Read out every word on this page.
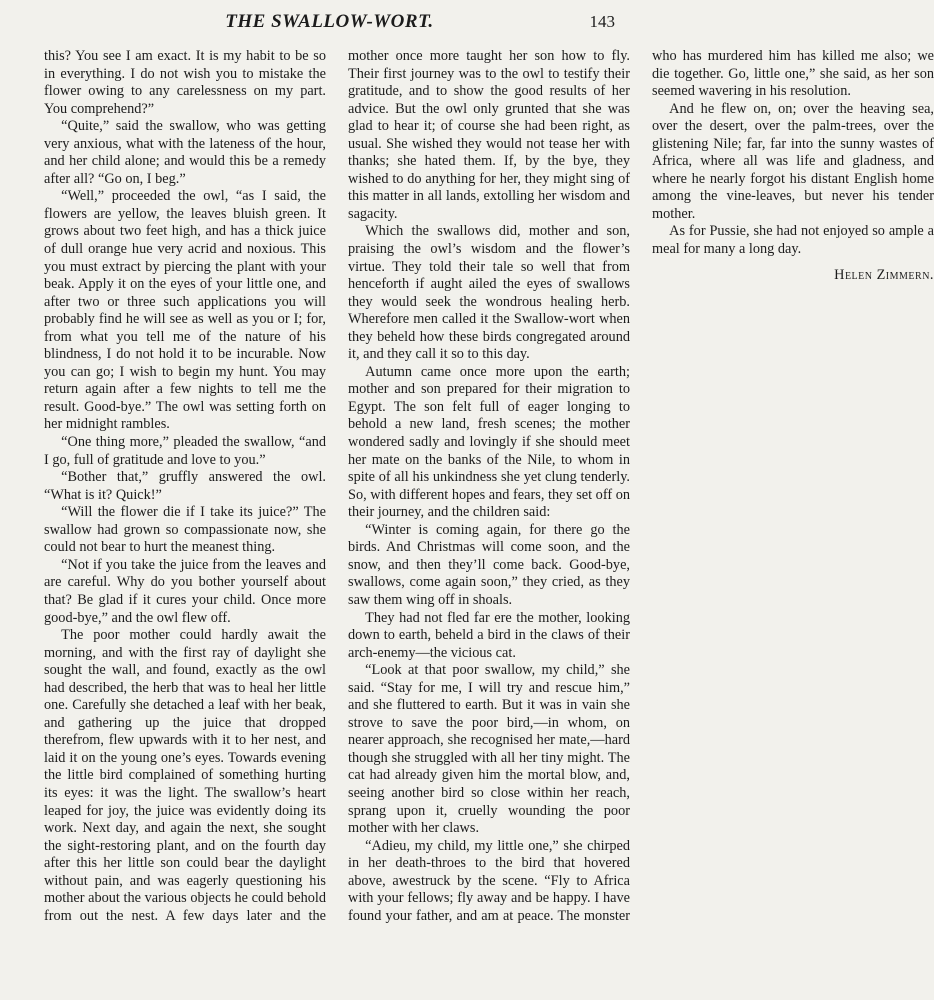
THE SWALLOW-WORT.	143

this? You see I am exact. It is my habit to be so in everything. I do not wish you to mistake the flower owing to any carelessness on my part. You comprehend?”

“Quite,” said the swallow, who was getting very anxious, what with the lateness of the hour, and her child alone; and would this be a remedy after all? “Go on, I beg.”

“Well,” proceeded the owl, “as I said, the flowers are yellow, the leaves bluish green. It grows about two feet high, and has a thick juice of dull orange hue very acrid and noxious. This you must extract by piercing the plant with your beak. Apply it on the eyes of your little one, and after two or three such applications you will probably find he will see as well as you or I; for, from what you tell me of the nature of his blindness, I do not hold it to be incurable. Now you can go; I wish to begin my hunt. You may return again after a few nights to tell me the result. Good-bye.” The owl was setting forth on her midnight rambles.

“One thing more,” pleaded the swallow, “and I go, full of gratitude and love to you.”

“Bother that,” gruffly answered the owl. “What is it? Quick!”

“Will the flower die if I take its juice?” The swallow had grown so compassionate now, she could not bear to hurt the meanest thing.

“Not if you take the juice from the leaves and are careful. Why do you bother yourself about that? Be glad if it cures your child. Once more good-bye,” and the owl flew off.

The poor mother could hardly await the morning, and with the first ray of daylight she sought the wall, and found, exactly as the owl had described, the herb that was to heal her little one. Carefully she detached a leaf with her beak, and gathering up the juice that dropped therefrom, flew upwards with it to her nest, and laid it on the young one’s eyes. Towards evening the little bird complained of something hurting its eyes: it was the light. The swallow’s heart leaped for joy, the juice was evidently doing its work. Next day, and again the next, she sought the sight-restoring plant, and on the fourth day after this her little son could bear the daylight without pain, and was eagerly questioning his mother about the various objects he could behold from out the nest. A few days later and the mother once more taught her son how to fly. Their first journey was to the owl to testify their gratitude, and to show the good results of her advice. But the owl only grunted that she was glad to hear it; of course she had been right, as usual. She wished they would not tease her with thanks; she hated them. If, by the bye, they wished to do anything for her, they might sing of this matter in all lands, extolling her wisdom and sagacity.

Which the swallows did, mother and son, praising the owl’s wisdom and the flower’s virtue. They told their tale so well that from henceforth if aught ailed the eyes of swallows they would seek the wondrous healing herb. Wherefore men called it the Swallow-wort when they beheld how these birds congregated around it, and they call it so to this day.

Autumn came once more upon the earth; mother and son prepared for their migration to Egypt. The son felt full of eager longing to behold a new land, fresh scenes; the mother wondered sadly and lovingly if she should meet her mate on the banks of the Nile, to whom in spite of all his unkindness she yet clung tenderly. So, with different hopes and fears, they set off on their journey, and the children said:

“Winter is coming again, for there go the birds. And Christmas will come soon, and the snow, and then they’ll come back. Good-bye, swallows, come again soon,” they cried, as they saw them wing off in shoals.

They had not fled far ere the mother, looking down to earth, beheld a bird in the claws of their arch-enemy—the vicious cat.

“Look at that poor swallow, my child,” she said. “Stay for me, I will try and rescue him,” and she fluttered to earth. But it was in vain she strove to save the poor bird,—in whom, on nearer approach, she recognised her mate,—hard though she struggled with all her tiny might. The cat had already given him the mortal blow, and, seeing another bird so close within her reach, sprang upon it, cruelly wounding the poor mother with her claws.

“Adieu, my child, my little one,” she chirped in her death-throes to the bird that hovered above, awestruck by the scene. “Fly to Africa with your fellows; fly away and be happy. I have found your father, and am at peace. The monster who has murdered him has killed me also; we die together. Go, little one,” she said, as her son seemed wavering in his resolution.

And he flew on, on; over the heaving sea, over the desert, over the palm-trees, over the glistening Nile; far, far into the sunny wastes of Africa, where all was life and gladness, and where he nearly forgot his distant English home among the vine-leaves, but never his tender mother.

As for Pussie, she had not enjoyed so ample a meal for many a long day.

Helen Zimmern.
